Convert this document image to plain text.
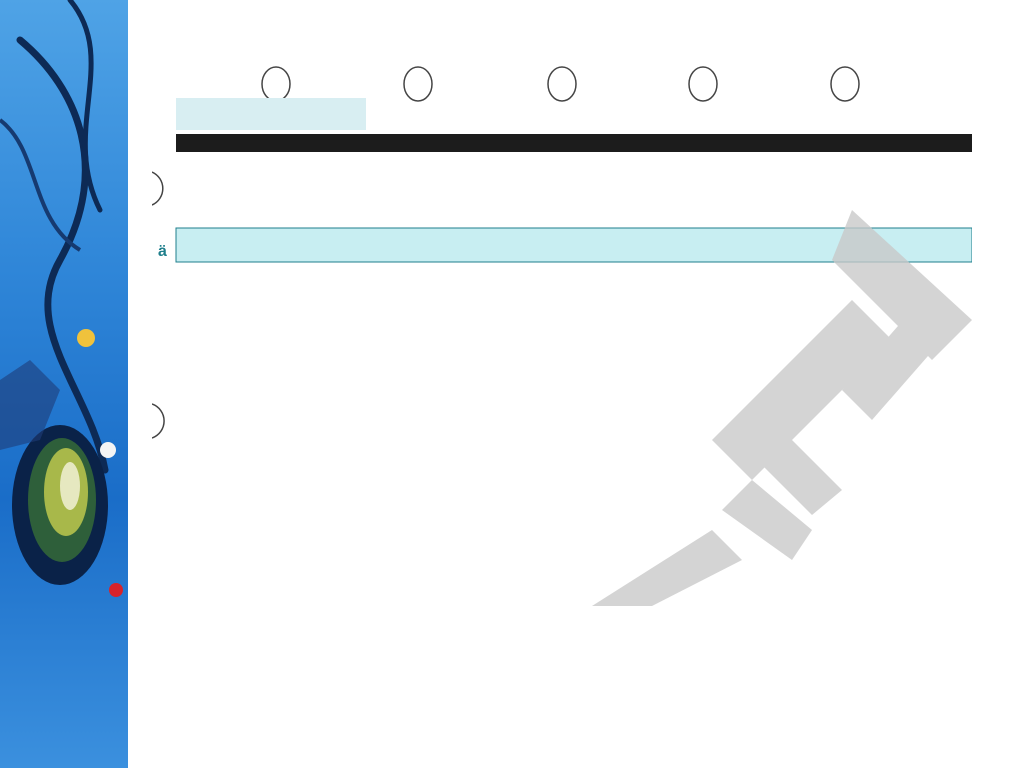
ä
